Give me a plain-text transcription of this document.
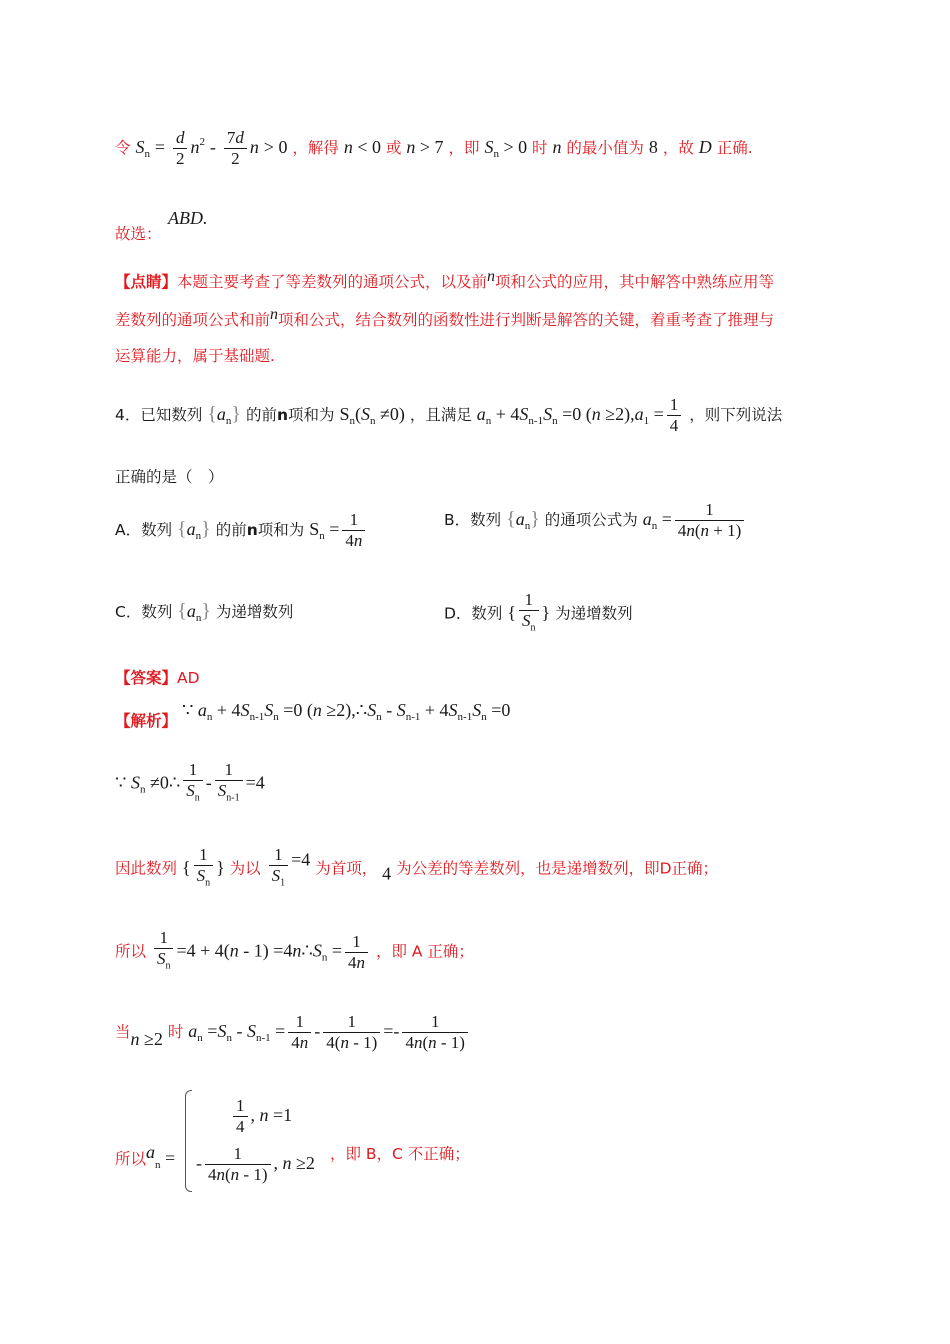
令 $S_n = \frac{d}{2} n^2 - \frac{7d}{2}$ n > 0 ，解得 n < 0 或 n > 7 ，即 $S_n > 0$ 时 n 的最小值为 8 ，故 D 正确.
故选：
ABD.
【点睛】本题主要考查了等差数列的通项公式，以及前n项和公式的应用，其中解答中熟练应用等
差数列的通项公式和前n项和公式，结合数列的函数性进行判断是解答的关键，着重考查了推理与
运算能力，属于基础题.
4．已知数列 $\{a_n\}$ 的前n项和为 $S_n(S_n \ne 0)$ ，且满足 $a_n + 4S_{n-1}S_n =0$ $(n \ge 2),a_1 = \frac{1}{4}$ ，则下列说法
正确的是（　）
A．数列 $\{a_n\}$ 的前n项和为 $S_n = \frac{1}{4n}$	B．数列 $\{a_n\}$ 的通项公式为 $a_n = \frac{1}{4n(n + 1)}$
C．数列 $\{a_n\}$ 为递增数列	D．数列 { $\frac{1}{S_n}$ } 为递增数列
【答案】AD
【解析】 ∵ $a_n + 4S_{n-1}S_n =0$ $(n \ge 2),\therefore S_n - S_{n-1} + 4S_{n-1}S_n =0$
∵ $S_n$ ≠0∴ $\frac{1}{S_n} - \frac{1}{S_{n-1}} =4$
因此数列 { $\frac{1}{S_n}$ } 为以 $\frac{1}{S_1} =4$ 为首项， 4 为公差的等差数列，也是递增数列，即D正确；
所以 $\frac{1}{S_n} =4 + 4(n - 1)$ $=4n\therefore S_n = \frac{1}{4n}$ ，即 A 正确；
当n ≥2 时 $a_n =S_n - S_{n-1} = \frac{1}{4n} - \frac{1}{4(n - 1)} =- \frac{1}{4n(n - 1)}$
所以$a_n$ =
$\frac{1}{4}$ , n =1
- $\frac{1}{4n(n - 1)}$ , n ≥2 ，即 B，C 不正确；
